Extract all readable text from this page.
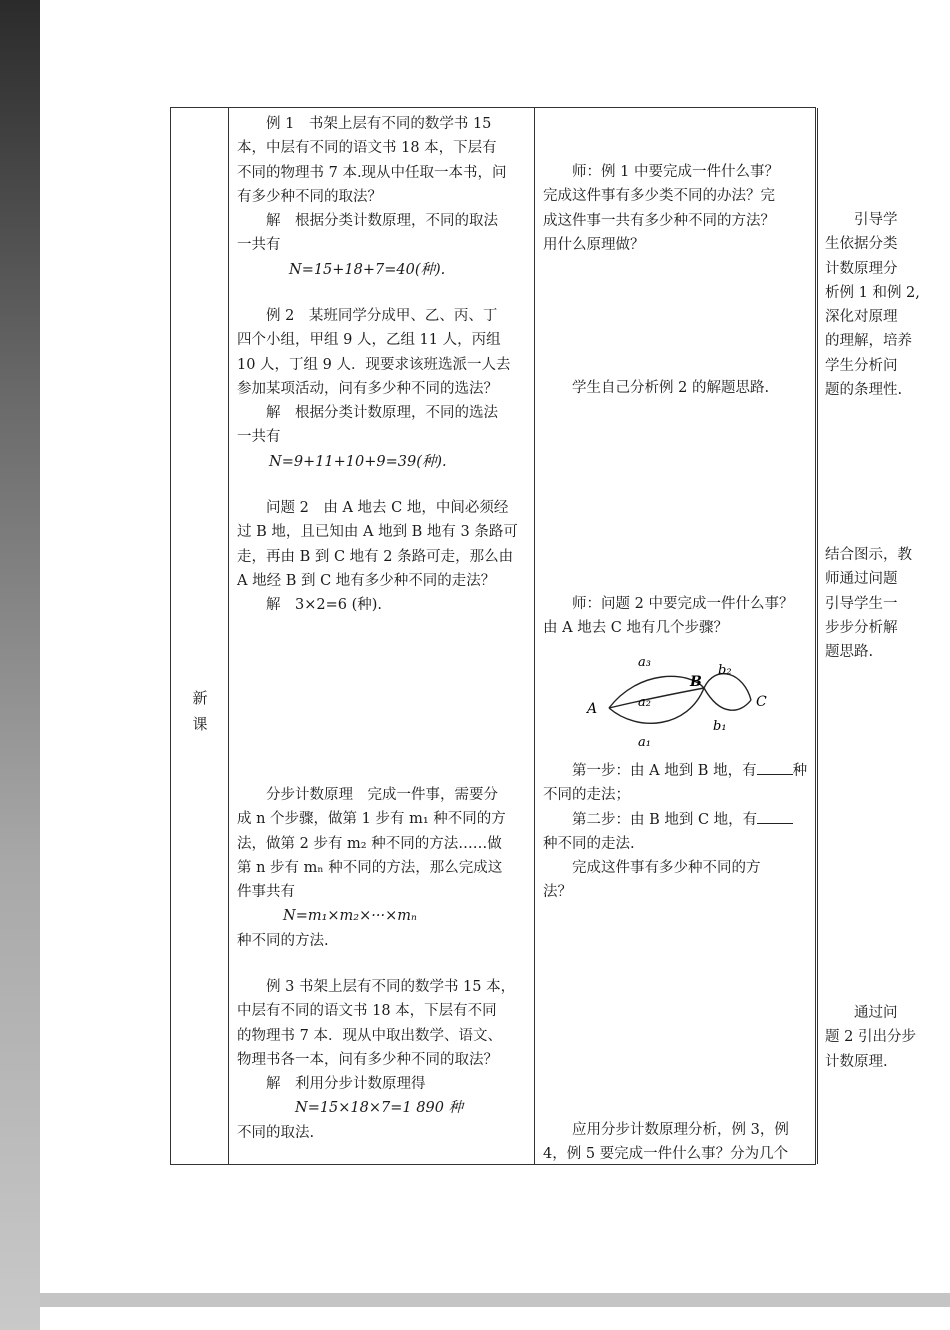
新
课
例 1　书架上层有不同的数学书 15
本，中层有不同的语文书 18 本，下层有
不同的物理书 7 本.现从中任取一本书，问
有多少种不同的取法？
解　根据分类计数原理，不同的取法
一共有
N=15+18+7=40(种).
例 2　某班同学分成甲、乙、丙、丁
四个小组，甲组 9 人，乙组 11 人，丙组
10 人，丁组 9 人．现要求该班选派一人去
参加某项活动，问有多少种不同的选法？
解　根据分类计数原理，不同的选法
一共有
N=9+11+10+9=39(种).
问题 2　由 A 地去 C 地，中间必须经
过 B 地，且已知由 A 地到 B 地有 3 条路可
走，再由 B 到 C 地有 2 条路可走，那么由
A 地经 B 到 C 地有多少种不同的走法？
解　3×2=6 (种).
分步计数原理　完成一件事，需要分
成 n 个步骤，做第 1 步有 m₁ 种不同的方
法，做第 2 步有 m₂ 种不同的方法……做
第 n 步有 mₙ 种不同的方法，那么完成这
件事共有
N=m₁×m₂×···×mₙ
种不同的方法.
例 3 书架上层有不同的数学书 15 本，
中层有不同的语文书 18 本，下层有不同
的物理书 7 本．现从中取出数学、语文、
物理书各一本，问有多少种不同的取法？
解　利用分步计数原理得
N=15×18×7=1 890 种
不同的取法.
师：例 1 中要完成一件什么事？
完成这件事有多少类不同的办法？完
成这件事一共有多少种不同的方法？
用什么原理做？
学生自己分析例 2 的解题思路.
师：问题 2 中要完成一件什么事？
由 A 地去 C 地有几个步骤？
A
B
C
a₃
a₂
a₁
b₂
b₁
第一步：由 A 地到 B 地，有 种
不同的走法；
第二步：由 B 地到 C 地，有
种不同的走法.
完成这件事有多少种不同的方
法？
应用分步计数原理分析，例 3，例
4，例 5 要完成一件什么事？分为几个
引导学
生依据分类
计数原理分
析例 1 和例 2,
深化对原理
的理解，培养
学生分析问
题的条理性.
结合图示，教
师通过问题
引导学生一
步步分析解
题思路.
通过问
题 2 引出分步
计数原理.
